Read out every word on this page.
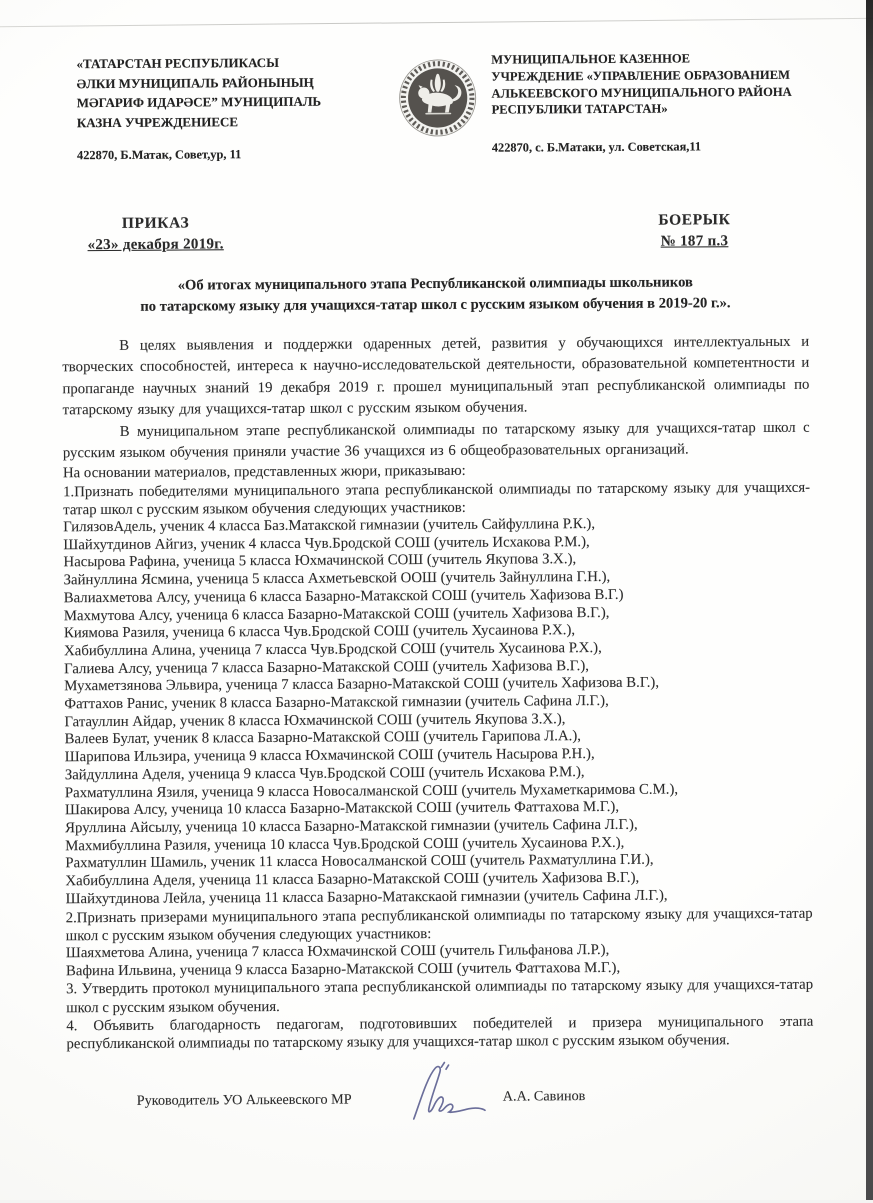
«ТАТАРСТАН РЕСПУБЛИКАСЫ
ӘЛКИ МУНИЦИПАЛЬ РАЙОНЫНЫҢ
МӘГАРИФ ИДАРӘСЕ” МУНИЦИПАЛЬ
КАЗНА УЧРЕЖДЕНИЕСЕ
422870, Б.Матак, Совет,ур, 11
МУНИЦИПАЛЬНОЕ КАЗЕННОЕ
УЧРЕЖДЕНИЕ «УПРАВЛЕНИЕ ОБРАЗОВАНИЕМ
АЛЬКЕЕВСКОГО МУНИЦИПАЛЬНОГО РАЙОНА
РЕСПУБЛИКИ ТАТАРСТАН»
422870, с. Б.Матаки, ул. Советская,11
ПРИКАЗ
«23» декабря 2019г.
БОЕРЫК
№ 187 п.3
«Об итогах муниципального этапа Республиканской олимпиады школьников
по татарскому языку для учащихся-татар школ с русским языком обучения в 2019-20 г.».

В целях выявления и поддержки одаренных детей, развития у обучающихся интеллектуальных и творческих способностей, интереса к научно-исследовательской деятельности, образовательной компетентности и пропаганде научных знаний 19 декабря 2019 г. прошел муниципальный этап республиканской олимпиады по татарскому языку для учащихся-татар школ с русским языком обучения.

В муниципальном этапе республиканской олимпиады по татарскому языку для учащихся-татар школ с русским языком обучения приняли участие 36 учащихся из 6 общеобразовательных организаций.

На основании материалов, представленных жюри, приказываю:

1.Признать победителями муниципального этапа республиканской олимпиады по татарскому языку для учащихся-татар школ с русским языком обучения следующих участников:

ГилязовАдель, ученик 4 класса Баз.Матакской гимназии (учитель Сайфуллина Р.К.),
Шайхутдинов Айгиз, ученик 4 класса Чув.Бродской СОШ (учитель Исхакова Р.М.),
Насырова Рафина, ученица 5 класса Юхмачинской СОШ (учитель Якупова З.Х.),
Зайнуллина Ясмина, ученица 5 класса Ахметьевской ООШ (учитель Зайнуллина Г.Н.),
Валиахметова Алсу, ученица 6 класса Базарно-Матакской СОШ (учитель Хафизова В.Г.)
Махмутова Алсу, ученица 6 класса Базарно-Матакской СОШ (учитель Хафизова В.Г.),
Киямова Разиля, ученица 6 класса Чув.Бродской СОШ (учитель Хусаинова Р.Х.),
Хабибуллина Алина, ученица 7 класса Чув.Бродской СОШ (учитель Хусаинова Р.Х.),
Галиева Алсу, ученица 7 класса Базарно-Матакской СОШ (учитель Хафизова В.Г.),
Мухаметзянова Эльвира, ученица 7 класса Базарно-Матакской СОШ (учитель Хафизова В.Г.),
Фаттахов Ранис, ученик 8 класса Базарно-Матакской гимназии (учитель Сафина Л.Г.),
Гатауллин Айдар, ученик 8 класса Юхмачинской СОШ (учитель Якупова З.Х.),
Валеев Булат, ученик 8 класса Базарно-Матакской СОШ (учитель Гарипова Л.А.),
Шарипова Ильзира, ученица 9 класса Юхмачинской СОШ (учитель Насырова Р.Н.),
Зайдуллина Аделя, ученица 9 класса Чув.Бродской СОШ (учитель Исхакова Р.М.),
Рахматуллина Язиля, ученица 9 класса Новосалманской СОШ (учитель Мухаметкаримова С.М.),
Шакирова Алсу, ученица 10 класса Базарно-Матакской СОШ (учитель Фаттахова М.Г.),
Яруллина Айсылу, ученица 10 класса Базарно-Матакской гимназии (учитель Сафина Л.Г.),
Махмибуллина Разиля, ученица 10 класса Чув.Бродской СОШ (учитель Хусаинова Р.Х.),
Рахматуллин Шамиль, ученик 11 класса Новосалманской СОШ (учитель Рахматуллина Г.И.),
Хабибуллина Аделя, ученица 11 класса Базарно-Матакской СОШ (учитель Хафизова В.Г.),
Шайхутдинова Лейла, ученица 11 класса Базарно-Матакскаой гимназии (учитель Сафина Л.Г.),

2.Признать призерами муниципального этапа республиканской олимпиады по татарскому языку для учащихся-татар школ с русским языком обучения следующих участников:

Шаяхметова Алина, ученица 7 класса Юхмачинской СОШ (учитель Гильфанова Л.Р.),
Вафина Ильвина, ученица 9 класса Базарно-Матакской СОШ (учитель Фаттахова М.Г.),

3. Утвердить протокол муниципального этапа республиканской олимпиады по татарскому языку для учащихся-татар школ с русским языком обучения.

4. Объявить благодарность педагогам, подготовивших победителей и призера муниципального этапа республиканской олимпиады по татарскому языку для учащихся-татар школ с русским языком обучения.

Руководитель УО Алькеевского МР	А.А. Савинов
